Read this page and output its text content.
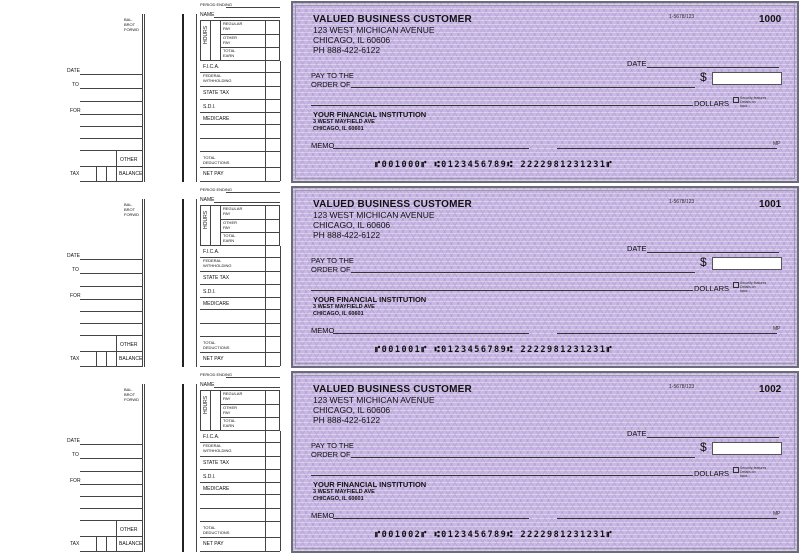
PERIOD ENDING
NAME
BAL.
BROT
FORWD	HOURS
REGULAR
PAY
OTHER
PAY
TOTAL
EARN
F.I.C.A.
FEDERAL
WITHHOLDING
STATE TAX
S.D.I.
MEDICARE
TOTAL
DEDUCTIONS
NET PAY
DATE
TO
FOR
OTHER
TAX	BALANCE
VALUED BUSINESS CUSTOMER
123 WEST MICHICAN AVENUE
CHICAGO, IL 60606
PH 888-422-6122
1-5678/123	1000
DATE
PAY TO THE
ORDER OF
$
DOLLARS
Security features
Details on
back.
YOUR FINANCIAL INSTITUTION
3 WEST MAYFIELD AVE
CHICAGO, IL 60601
MEMO	MP
⑈001000⑈ ⑆0123456789⑆ 2222981231231⑈
PERIOD ENDING
NAME
BAL.
BROT
FORWD	HOURS
REGULAR
PAY
OTHER
PAY
TOTAL
EARN
F.I.C.A.
FEDERAL
WITHHOLDING
STATE TAX
S.D.I.
MEDICARE
TOTAL
DEDUCTIONS
NET PAY
DATE
TO
FOR
OTHER
TAX	BALANCE
VALUED BUSINESS CUSTOMER
123 WEST MICHICAN AVENUE
CHICAGO, IL 60606
PH 888-422-6122
1-5678/123	1001
DATE
PAY TO THE
ORDER OF
$
DOLLARS
Security features
Details on
back.
YOUR FINANCIAL INSTITUTION
3 WEST MAYFIELD AVE
CHICAGO, IL 60601
MEMO	MP
⑈001001⑈ ⑆0123456789⑆ 2222981231231⑈
PERIOD ENDING
NAME
BAL.
BROT
FORWD	HOURS
REGULAR
PAY
OTHER
PAY
TOTAL
EARN
F.I.C.A.
FEDERAL
WITHHOLDING
STATE TAX
S.D.I.
MEDICARE
TOTAL
DEDUCTIONS
NET PAY
DATE
TO
FOR
OTHER
TAX	BALANCE
VALUED BUSINESS CUSTOMER
123 WEST MICHICAN AVENUE
CHICAGO, IL 60606
PH 888-422-6122
1-5678/123	1002
DATE
PAY TO THE
ORDER OF
$
DOLLARS
Security features
Details on
back.
YOUR FINANCIAL INSTITUTION
3 WEST MAYFIELD AVE
CHICAGO, IL 60601
MEMO	MP
⑈001002⑈ ⑆0123456789⑆ 2222981231231⑈
